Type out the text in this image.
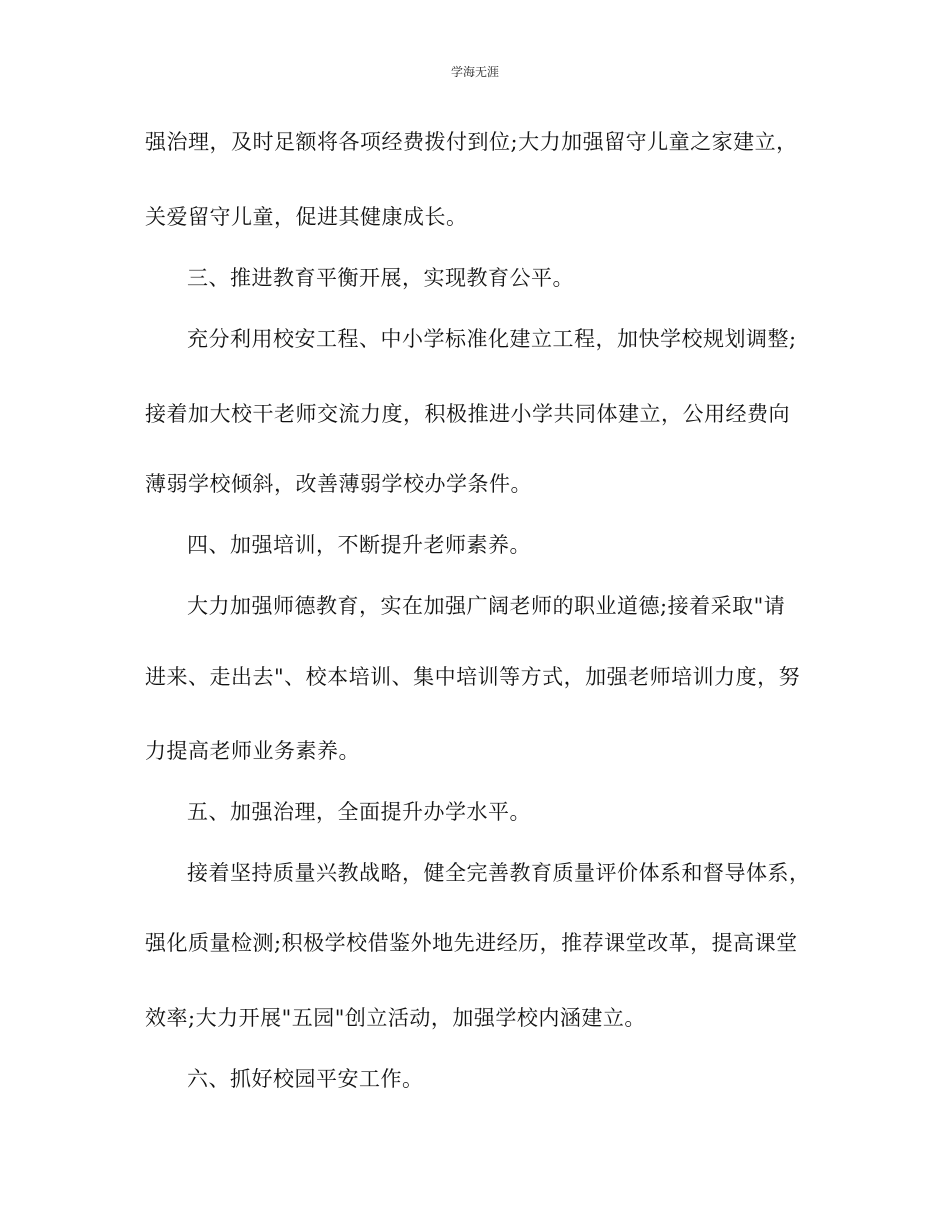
学海无涯
强治理，及时足额将各项经费拨付到位;大力加强留守儿童之家建立，
关爱留守儿童，促进其健康成长。
三、推进教育平衡开展，实现教育公平。
充分利用校安工程、中小学标准化建立工程，加快学校规划调整;
接着加大校干老师交流力度，积极推进小学共同体建立，公用经费向
薄弱学校倾斜，改善薄弱学校办学条件。
四、加强培训，不断提升老师素养。
大力加强师德教育，实在加强广阔老师的职业道德;接着采取"请
进来、走出去"、校本培训、集中培训等方式，加强老师培训力度，努
力提高老师业务素养。
五、加强治理，全面提升办学水平。
接着坚持质量兴教战略，健全完善教育质量评价体系和督导体系，
强化质量检测;积极学校借鉴外地先进经历，推荐课堂改革，提高课堂
效率;大力开展"五园"创立活动，加强学校内涵建立。
六、抓好校园平安工作。
